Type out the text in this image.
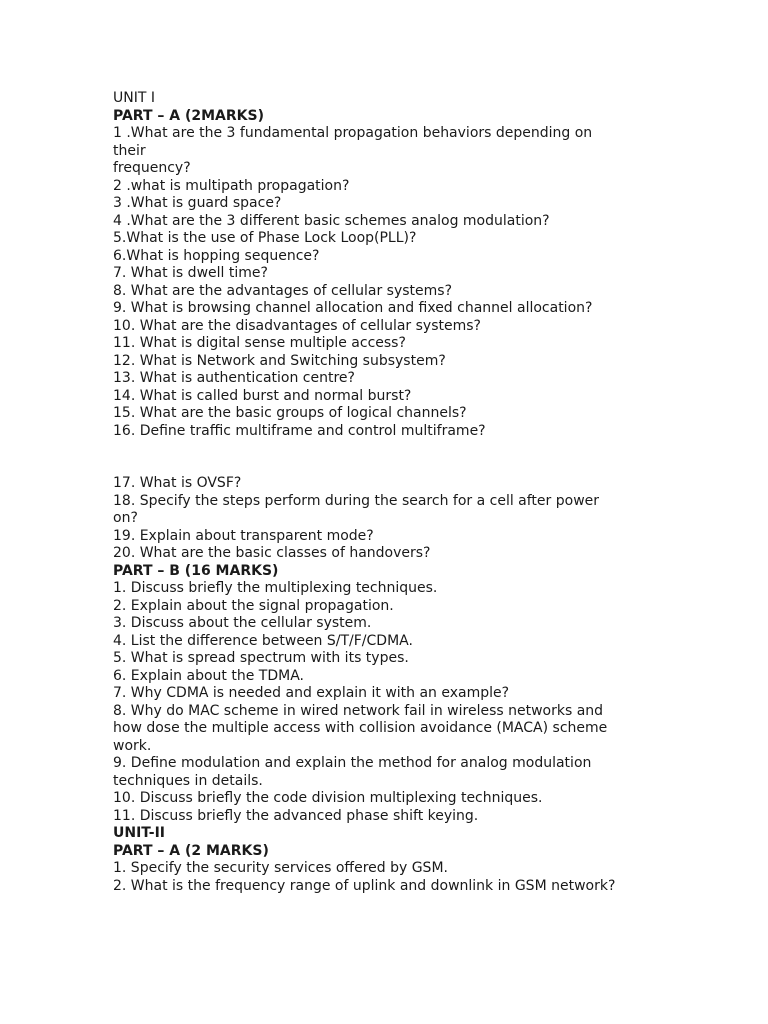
UNIT I
PART – A (2MARKS)
1 .What are the 3 fundamental propagation behaviors depending on
their
frequency?
2 .what is multipath propagation?
3 .What is guard space?
4 .What are the 3 different basic schemes analog modulation?
5.What is the use of Phase Lock Loop(PLL)?
6.What is hopping sequence?
7. What is dwell time?
8. What are the advantages of cellular systems?
9. What is browsing channel allocation and fixed channel allocation?
10. What are the disadvantages of cellular systems?
11. What is digital sense multiple access?
12. What is Network and Switching subsystem?
13. What is authentication centre?
14. What is called burst and normal burst?
15. What are the basic groups of logical channels?
16. Define traffic multiframe and control multiframe?
17. What is OVSF?
18. Specify the steps perform during the search for a cell after power
on?
19. Explain about transparent mode?
20. What are the basic classes of handovers?
PART – B (16 MARKS)
1. Discuss briefly the multiplexing techniques.
2. Explain about the signal propagation.
3. Discuss about the cellular system.
4. List the difference between S/T/F/CDMA.
5. What is spread spectrum with its types.
6. Explain about the TDMA.
7. Why CDMA is needed and explain it with an example?
8. Why do MAC scheme in wired network fail in wireless networks and
how dose the multiple access with collision avoidance (MACA) scheme
work.
9. Define modulation and explain the method for analog modulation
techniques in details.
10. Discuss briefly the code division multiplexing techniques.
11. Discuss briefly the advanced phase shift keying.
UNIT-II
PART – A (2 MARKS)
1. Specify the security services offered by GSM.
2. What is the frequency range of uplink and downlink in GSM network?
